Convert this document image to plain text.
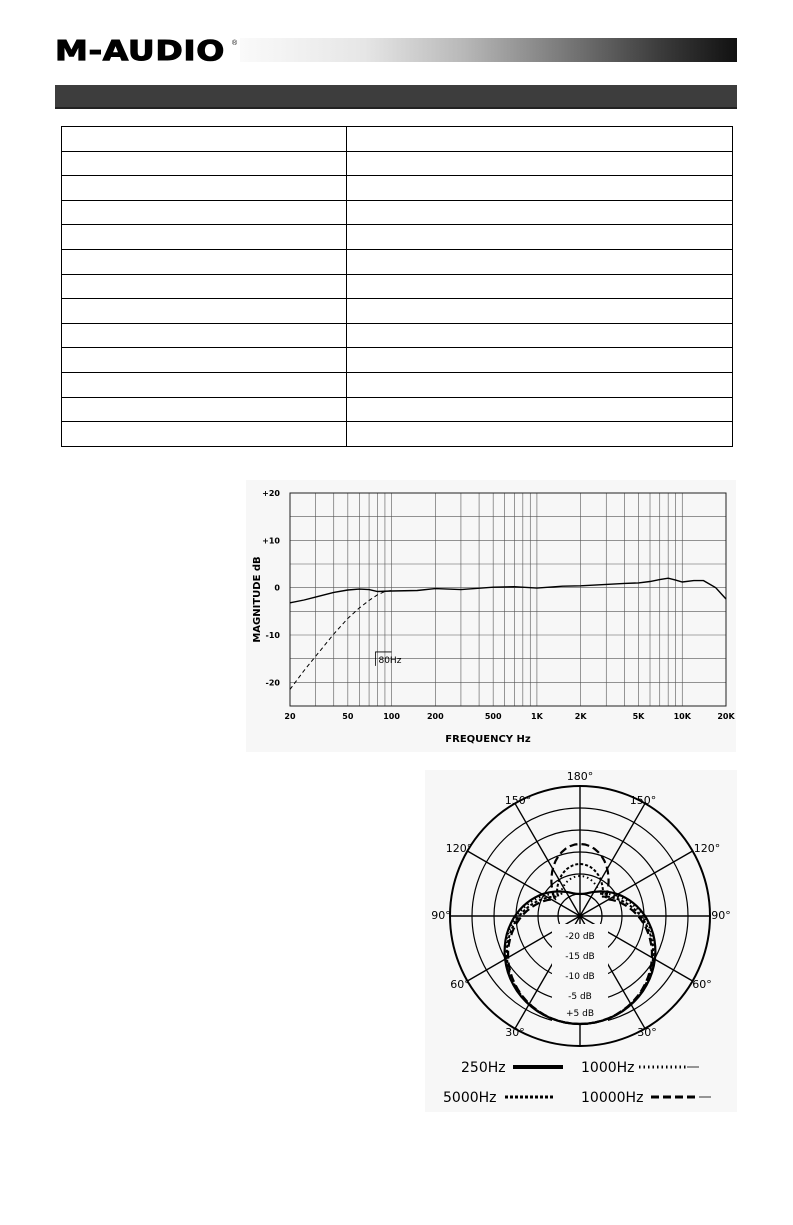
M-AUDIO ®

20	50	100	200	500	1K	2K	5K	10K	20K
+20
+10
0
-10
-20
FREQUENCY Hz
MAGNITUDE dB
80Hz
180°
150°	150°
120°	120°
90°	90°
60°	60°
30°	30°
-20 dB
-15 dB
-10 dB
-5 dB
+5 dB
250Hz	1000Hz
5000Hz	10000Hz
